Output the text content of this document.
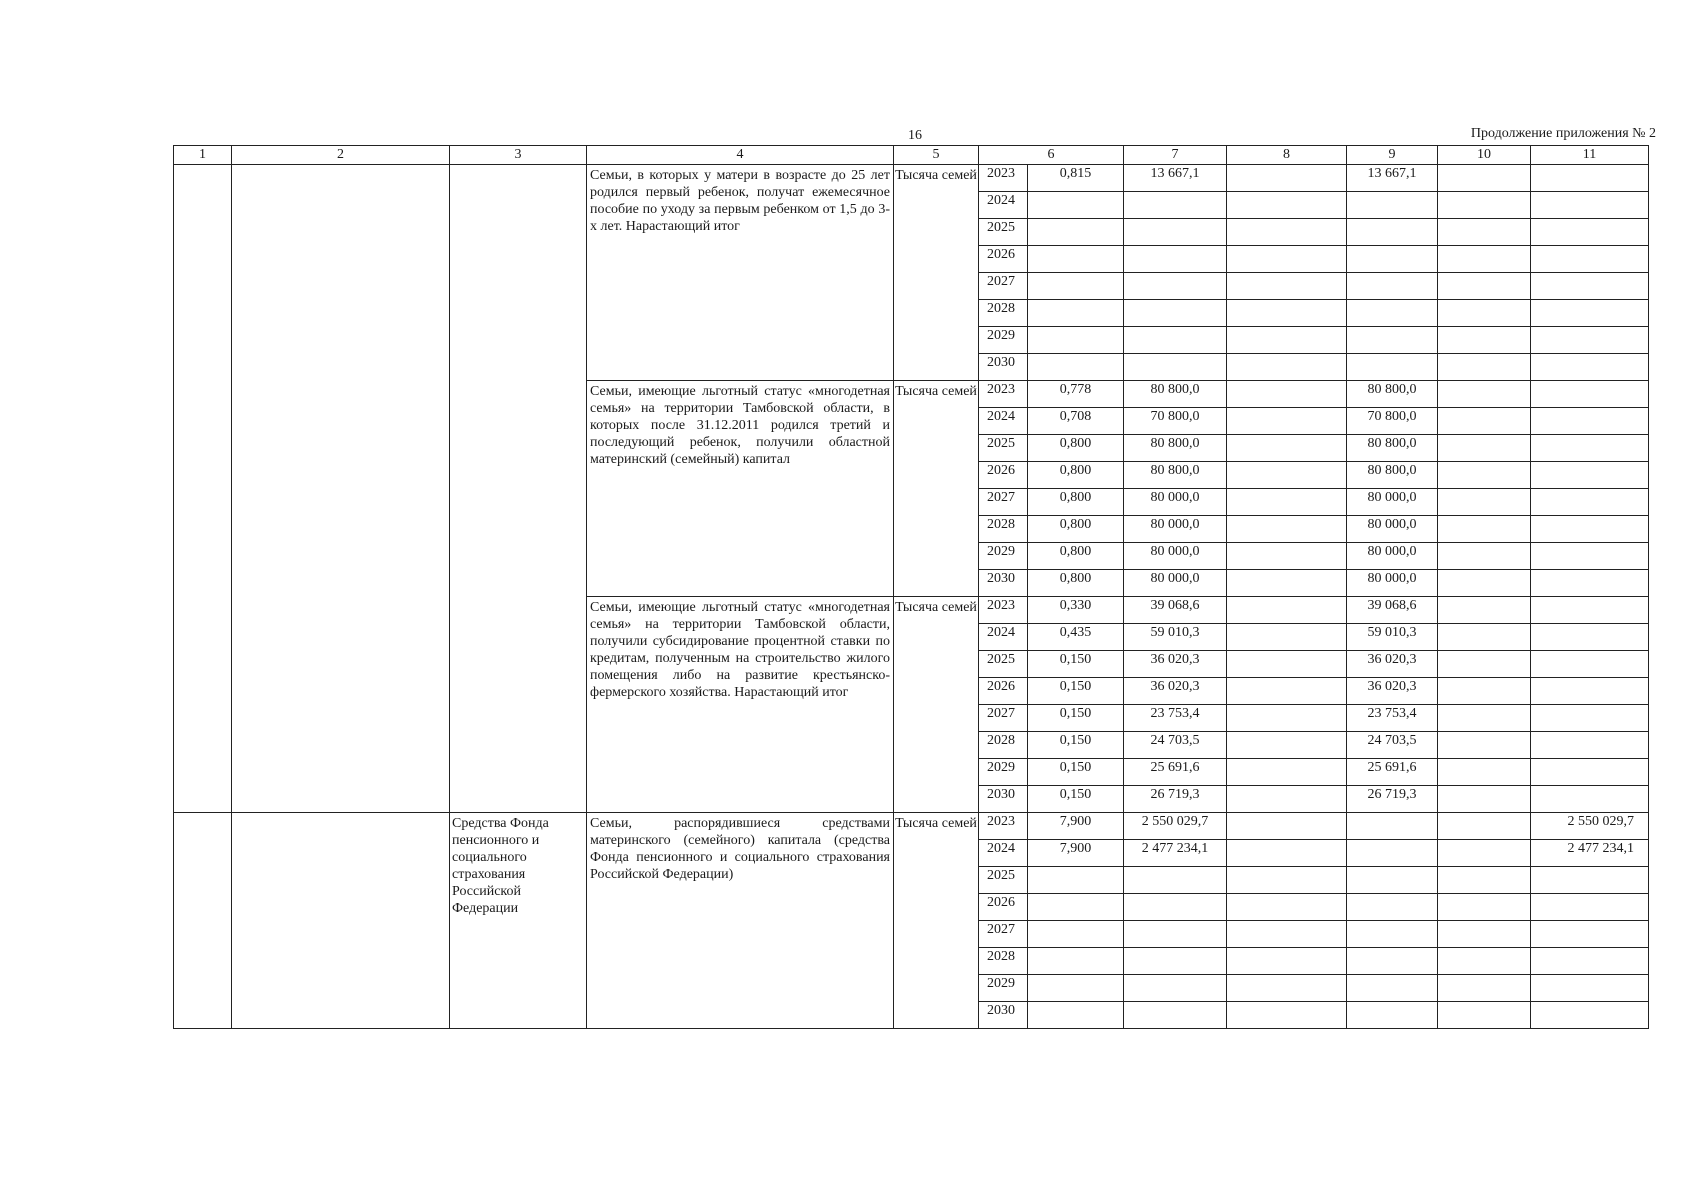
16	Продолжение приложения № 2
1	2	3	4	5	6		7	8	9	10	11
			Семьи, в которых у матери в возрасте до 25 лет родился первый ребенок, получат ежемесячное пособие по уходу за первым ребенком от 1,5 до 3-х лет. Нарастающий итог	Тысяча семей	2023	0,815	13 667,1		13 667,1		
					2024						
					2025						
					2026						
					2027						
					2028						
					2029						
					2030						
			Семьи, имеющие льготный статус «многодетная семья» на территории Тамбовской области, в которых после 31.12.2011 родился третий и последующий ребенок, получили областной материнский (семейный) капитал	Тысяча семей	2023	0,778	80 800,0		80 800,0		
					2024	0,708	70 800,0		70 800,0		
					2025	0,800	80 800,0		80 800,0		
					2026	0,800	80 800,0		80 800,0		
					2027	0,800	80 000,0		80 000,0		
					2028	0,800	80 000,0		80 000,0		
					2029	0,800	80 000,0		80 000,0		
					2030	0,800	80 000,0		80 000,0		
			Семьи, имеющие льготный статус «многодетная семья» на территории Тамбовской области, получили субсидирование процентной ставки по кредитам, полученным на строительство жилого помещения либо на развитие крестьянско-фермерского хозяйства. Нарастающий итог	Тысяча семей	2023	0,330	39 068,6		39 068,6		
					2024	0,435	59 010,3		59 010,3		
					2025	0,150	36 020,3		36 020,3		
					2026	0,150	36 020,3		36 020,3		
					2027	0,150	23 753,4		23 753,4		
					2028	0,150	24 703,5		24 703,5		
					2029	0,150	25 691,6		25 691,6		
					2030	0,150	26 719,3		26 719,3		
		Средства Фонда пенсионного и социального страхования Российской Федерации	Семьи, распорядившиеся средствами материнского (семейного) капитала (средства Фонда пенсионного и социального страхования Российской Федерации)	Тысяча семей	2023	7,900	2 550 029,7				2 550 029,7
					2024	7,900	2 477 234,1				2 477 234,1
					2025						
					2026						
					2027						
					2028						
					2029						
					2030						
